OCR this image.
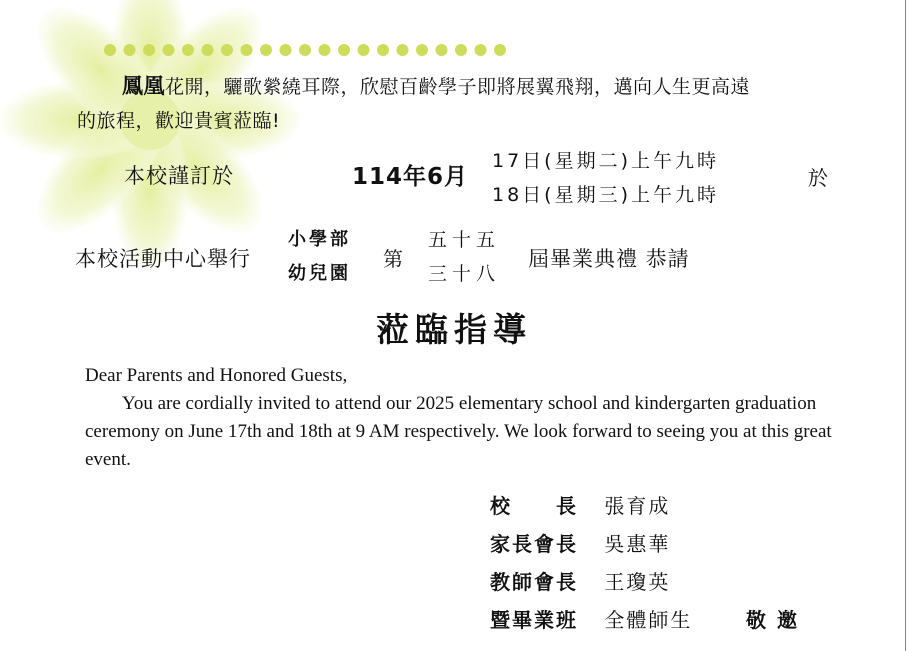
鳳凰花開，驪歌縈繞耳際，欣慰百齡學子即將展翼飛翔，邁向人生更高遠
的旅程，歡迎貴賓蒞臨!
本校謹訂於	114年6月
17日(星期二)上午九時
18日(星期三)上午九時
於
本校活動中心舉行
小學部
幼兒園
第
五十五
三十八
屆畢業典禮 恭請
蒞臨指導
Dear Parents and Honored Guests,
You are cordially invited to attend our 2025 elementary school and kindergarten graduation ceremony on June 17th and 18th at 9 AM respectively. We look forward to seeing you at this great event.
校　　長 張育成
家長會長 吳惠華
教師會長 王瓊英
暨畢業班 全體師生	敬 邀
